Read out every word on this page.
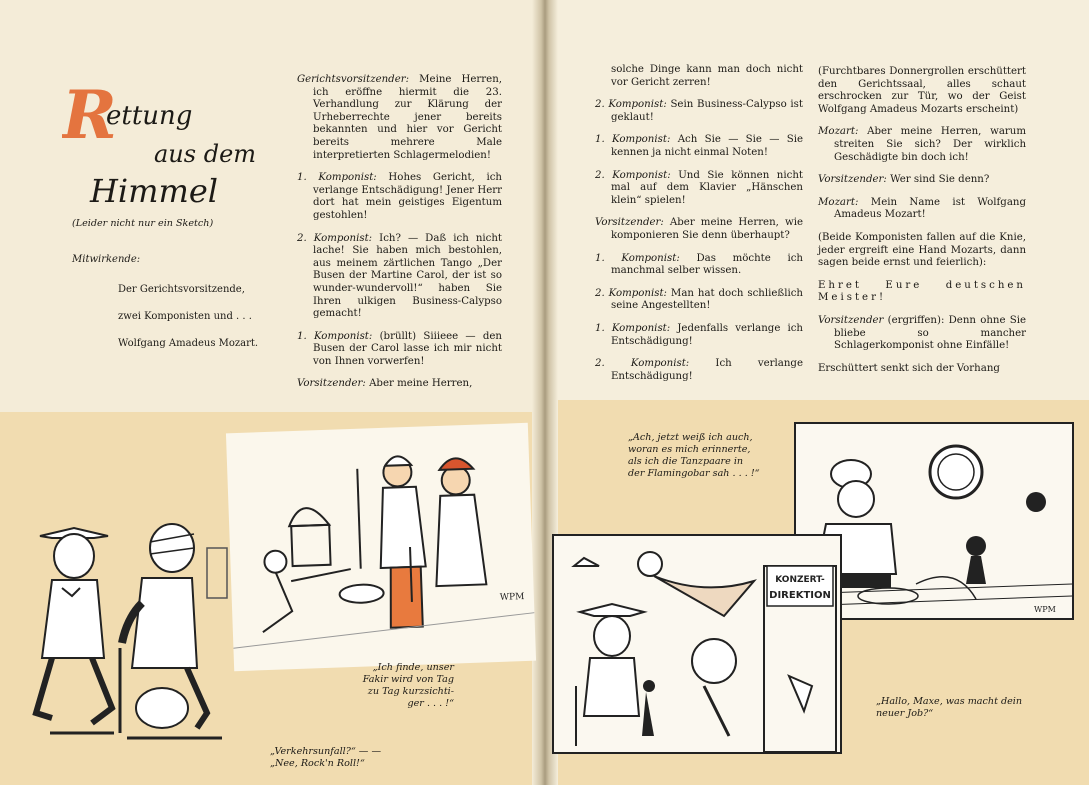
R
ettung
aus dem
Himmel
(Leider nicht nur ein Sketch)
Mitwirkende:
Der Gerichtsvorsitzende,
zwei Komponisten und . . .
Wolfgang Amadeus Mozart.

Gerichtsvorsitzender: Meine Herren, ich eröffne hiermit die 23. Verhandlung zur Klärung der Urheberrechte jener bereits bekannten und hier vor Gericht bereits mehrere Male interpretierten Schlagermelodien!

1. Komponist: Hohes Gericht, ich verlange Entschädigung! Jener Herr dort hat mein geistiges Eigentum gestohlen!

2. Komponist: Ich? — Daß ich nicht lache! Sie haben mich bestohlen, aus meinem zärtlichen Tango „Der Busen der Martine Carol, der ist so wunder-wundervoll!“ haben Sie Ihren ulkigen Business-Calypso gemacht!

1. Komponist: (brüllt) Siiieee — den Busen der Carol lasse ich mir nicht von Ihnen vorwerfen!

Vorsitzender: Aber meine Herren,

solche Dinge kann man doch nicht vor Gericht zerren!

2. Komponist: Sein Business-Calypso ist geklaut!

1. Komponist: Ach Sie — Sie — Sie kennen ja nicht einmal Noten!

2. Komponist: Und Sie können nicht mal auf dem Klavier „Hänschen klein“ spielen!

Vorsitzender: Aber meine Herren, wie komponieren Sie denn überhaupt?

1. Komponist: Das möchte ich manchmal selber wissen.

2. Komponist: Man hat doch schließlich seine Angestellten!

1. Komponist: Jedenfalls verlange ich Entschädigung!

2. Komponist:	Ich verlange Entschädigung!

(Furchtbares Donnergrollen erschüttert den Gerichtssaal, alles schaut erschrocken zur Tür, wo der Geist Wolfgang Amadeus Mozarts erscheint)

Mozart: Aber meine Herren, warum streiten Sie sich? Der wirklich Geschädigte bin doch ich!

Vorsitzender: Wer sind Sie denn?

Mozart: Mein Name ist Wolfgang Amadeus Mozart!

(Beide Komponisten fallen auf die Knie, jeder ergreift eine Hand Mozarts, dann sagen beide ernst und feierlich):

Ehret Eure deutschen Meister!

Vorsitzender (ergriffen): Denn ohne Sie bliebe so mancher Schlagerkomponist ohne Einfälle!

Erschüttert senkt sich der Vorhang

WPM
„Ich finde, unser
Fakir wird von Tag
zu Tag kurzsichti-
ger . . . !“
„Verkehrsunfall?“ — —
„Nee, Rock'n Roll!“
„Ach, jetzt weiß ich auch,
woran es mich erinnerte,
als ich die Tanzpaare in
der Flamingobar sah . . . !“
WPM
KONZERT-
DIREKTION
„Hallo, Maxe, was macht dein
neuer Job?“
